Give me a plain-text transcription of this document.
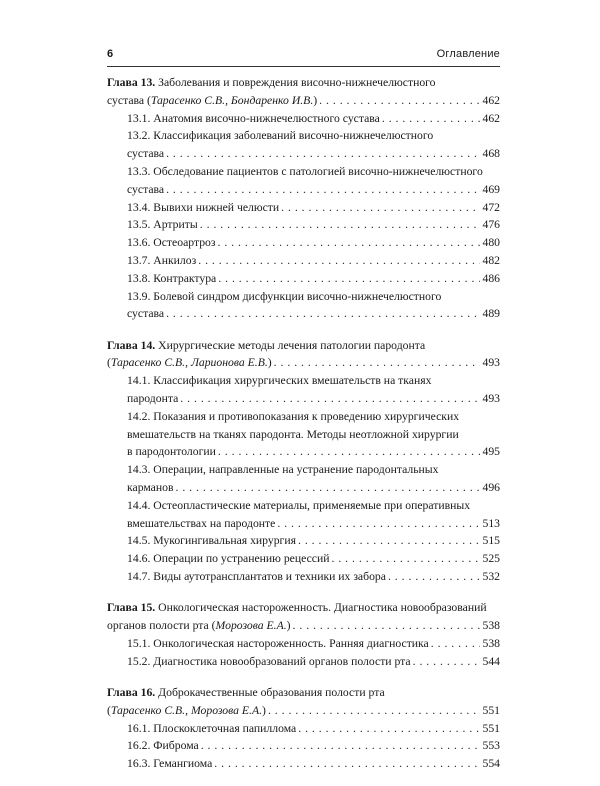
6	Оглавление
Глава 13. Заболевания и повреждения височно-нижнечелюстного
сустава (Тарасенко С.В., Бондаренко И.В.) . . .	462
13.1. Анатомия височно-нижнечелюстного сустава . . .	462
13.2. Классификация заболеваний височно-нижнечелюстного
сустава . . .	468
13.3. Обследование пациентов с патологией височно-нижнечелюстного
сустава . . .	469
13.4. Вывихи нижней челюсти . . .	472
13.5. Артриты . . .	476
13.6. Остеоартроз . . .	480
13.7. Анкилоз . . .	482
13.8. Контрактура . . .	486
13.9. Болевой синдром дисфункции височно-нижнечелюстного
сустава . . .	489
Глава 14. Хирургические методы лечения патологии пародонта
(Тарасенко С.В., Ларионова Е.В.) . . .	493
14.1. Классификация хирургических вмешательств на тканях
пародонта . . .	493
14.2. Показания и противопоказания к проведению хирургических
вмешательств на тканях пародонта. Методы неотложной хирургии
в пародонтологии . . .	495
14.3. Операции, направленные на устранение пародонтальных
карманов . . .	496
14.4. Остеопластические материалы, применяемые при оперативных
вмешательствах на пародонте . . .	513
14.5. Мукогингивальная хирургия . . .	515
14.6. Операции по устранению рецессий . . .	525
14.7. Виды аутотрансплантатов и техники их забора . . .	532
Глава 15. Онкологическая настороженность. Диагностика новообразований
органов полости рта (Морозова Е.А.) . . .	538
15.1. Онкологическая настороженность. Ранняя диагностика . . .	538
15.2. Диагностика новообразований органов полости рта . . .	544
Глава 16. Доброкачественные образования полости рта
(Тарасенко С.В., Морозова Е.А.) . . .	551
16.1. Плоскоклеточная папиллома . . .	551
16.2. Фиброма . . .	553
16.3. Гемангиома . . .	554
